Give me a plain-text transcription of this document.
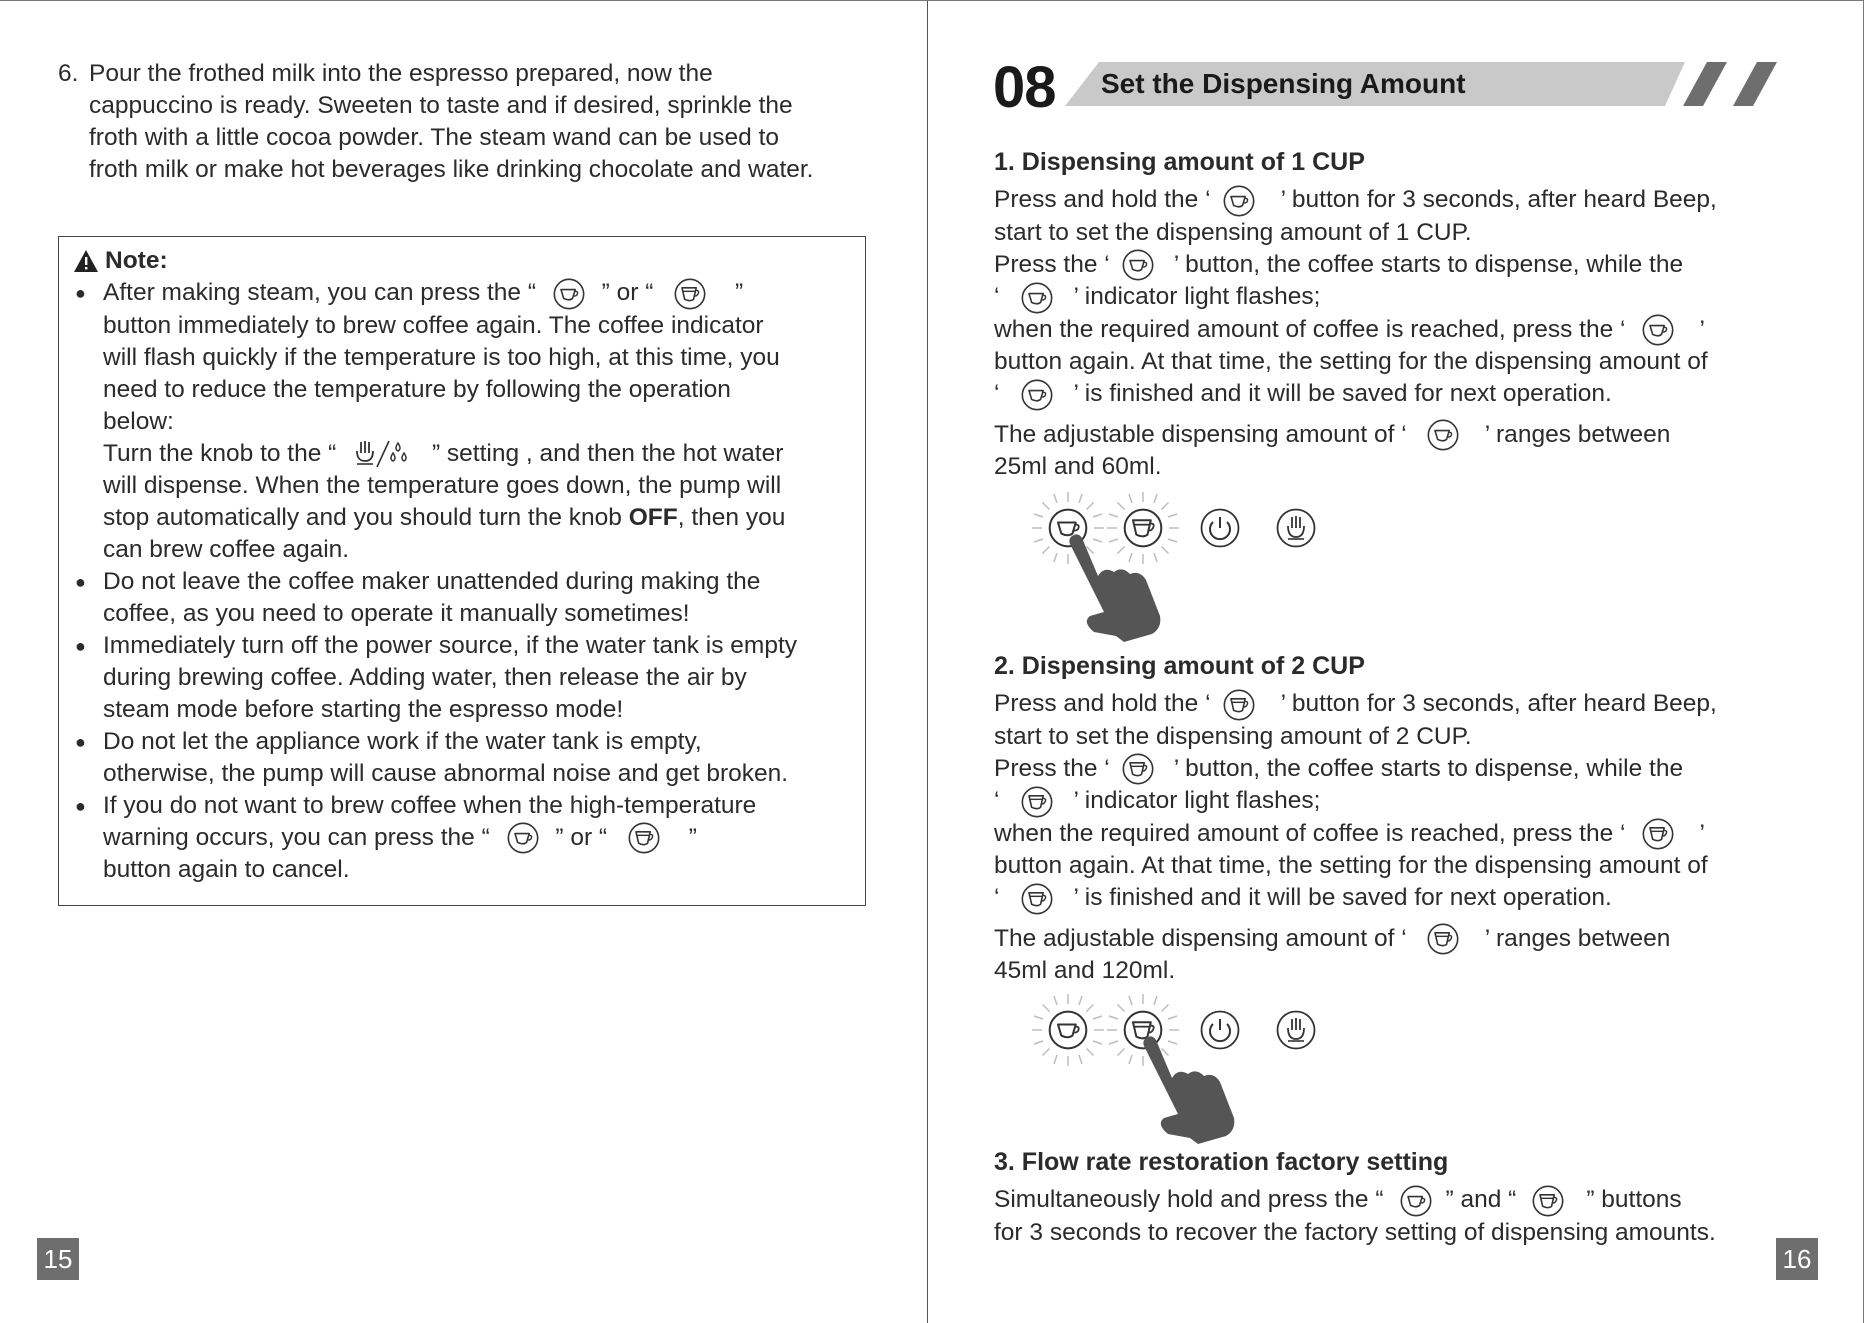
6. Pour the frothed milk into the espresso prepared, now the
cappuccino is ready. Sweeten to taste and if desired, sprinkle the
froth with a little cocoa powder. The steam wand can be used to
froth milk or make hot beverages like drinking chocolate and water.
Note:
● After making steam, you can press the “	” or “	”

button immediately to brew coffee again. The coffee indicator

will flash quickly if the temperature is too high, at this time, you

need to reduce the temperature by following the operation

below:

Turn the knob to the “	” setting , and then the hot water

will dispense. When the temperature goes down, the pump will

stop automatically and you should turn the knob OFF, then you

can brew coffee again.

● Do not leave the coffee maker unattended during making the

coffee, as you need to operate it manually sometimes!

● Immediately turn off the power source, if the water tank is empty

during brewing coffee. Adding water, then release the air by

steam mode before starting the espresso mode!

● Do not let the appliance work if the water tank is empty,

otherwise, the pump will cause abnormal noise and get broken.

● If you do not want to brew coffee when the high-temperature

warning occurs, you can press the “	” or “	”

button again to cancel.

15
08 Set the Dispensing Amount

1. Dispensing amount of 1 CUP

Press and hold the ‘	’ button for 3 seconds, after heard Beep,

start to set the dispensing amount of 1 CUP.

Press the ‘	’ button, the coffee starts to dispense, while the

‘	’ indicator light flashes;

when the required amount of coffee is reached, press the ‘	’

button again. At that time, the setting for the dispensing amount of

‘	’ is finished and it will be saved for next operation.

The adjustable dispensing amount of ‘	’ ranges between

25ml and 60ml.

2. Dispensing amount of 2 CUP

Press and hold the ‘	’ button for 3 seconds, after heard Beep,

start to set the dispensing amount of 2 CUP.

Press the ‘	’ button, the coffee starts to dispense, while the

‘	’ indicator light flashes;

when the required amount of coffee is reached, press the ‘	’

button again. At that time, the setting for the dispensing amount of

‘	’ is finished and it will be saved for next operation.

The adjustable dispensing amount of ‘	’ ranges between

45ml and 120ml.

3. Flow rate restoration factory setting

Simultaneously hold and press the “	” and “	” buttons

for 3 seconds to recover the factory setting of dispensing amounts.

16
